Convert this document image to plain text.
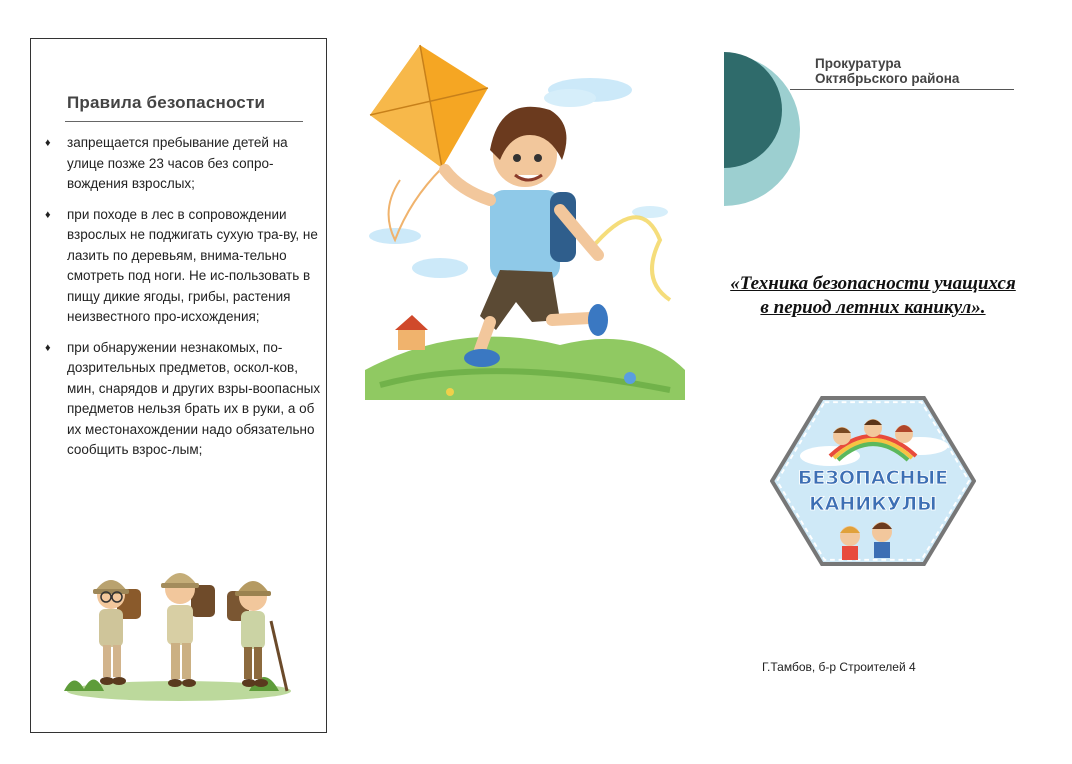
Правила безопасности
♦ запрещается пребывание детей на улице позже 23 часов без сопро-вождения взрослых;
♦ при походе в лес в сопровождении взрослых не поджигать сухую тра-ву, не лазить по деревьям, внима-тельно смотреть под ноги. Не ис-пользовать в пищу дикие ягоды, грибы, растения неизвестного про-исхождения;
♦ при обнаружении незнакомых, по-дозрительных предметов, оскол-ков, мин, снарядов и других взры-воопасных предметов нельзя брать их в руки, а об их местонахождении надо обязательно сообщить взрос-лым;

Прокуратура
Октябрьского района

«Техника безопасности учащихся в период летних каникул».

БЕЗОПАСНЫЕ
КАНИКУЛЫ
Г.Тамбов, б-р Строителей 4
